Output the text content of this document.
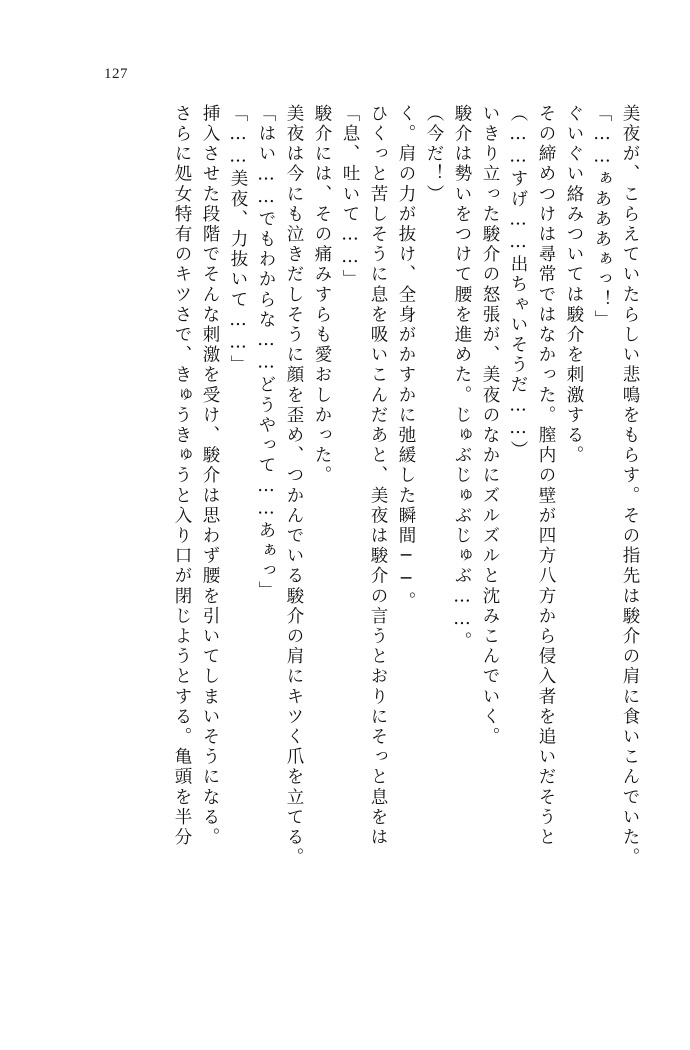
127
さらに処女特有のキツさで、きゅうきゅうと入り口が閉じようとする。亀頭を半分 挿入させた段階でそんな刺激を受け、駿介は思わず腰を引いてしまいそうになる。 「……美夜、力抜いて……」 「はい……でもわからな……どうやって……あぁっ」 美夜は今にも泣きだしそうに顔を歪め、つかんでいる駿介の肩にキツく爪を立てる。 駿介には、その痛みすらも愛おしかった。 「息、吐いて……」 ひくっと苦しそうに息を吸いこんだあと、美夜は駿介の言うとおりにそっと息をは く。肩の力が抜け、全身がかすかに弛緩した瞬間──。 （今だ！） 駿介は勢いをつけて腰を進めた。じゅぶじゅぶじゅぶ……。 いきり立った駿介の怒張が、美夜のなかにズルズルと沈みこんでいく。 （……すげ……出ちゃいそうだ……） その締めつけは尋常ではなかった。膣内の壁が四方八方から侵入者を追いだそうと ぐいぐい絡みついては駿介を刺激する。 「……ぁあああぁっ！」 美夜が、こらえていたらしい悲鳴をもらす。その指先は駿介の肩に食いこんでいた。
